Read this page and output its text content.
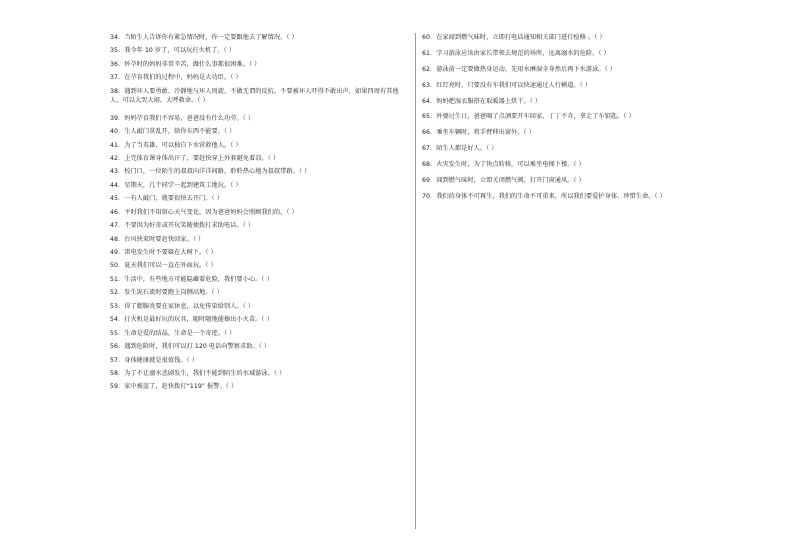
34．当陌生人告诉你有紧急情况时，你一定要跟他去了解情况。（ ）
35．我今年 10 岁了，可以玩打火机了。（ ）
36．怀孕时的妈妈非常辛苦，做什么事都很困难。（ ）
37．在孕育我们的过程中，妈妈是大功臣。（ ）
38．遇到坏人要勇敢、冷静地与坏人周旋，不做无谓的反抗。不要被坏人吓得不敢出声，如果四周有其他人，可以大哭大闹，大呼救命。（ ）
39．妈妈孕育我们不容易，爸爸没有什么功劳。（ ）
40．生人敲门莫乱开，给你东西不能要。（ ）
41．为了当英雄，可以独自下水营救他人。（ ）
42．上完体育课身体出汗了，要赶快穿上外套避免着凉。（ ）
43．校门口，一位陌生的叔叔向洋洋问路，聆聆热心地为叔叔带路。（ ）
44．星期天，几个同学一起到建筑工地玩。（ ）
45．一有人敲门，就要很快去开门。（ ）
46．平时我们不用留心天气变化，因为爸爸妈妈会照顾我们的。（ ）
47．不要因为好奇或开玩笑随便拨打求助电话。（ ）
48．台风快来时要赶快回家。（ ）
49．雷电发生时不要躲在大树下。（ ）
50．夏天我们可以一直在外面玩。（ ）
51．生活中，有些地方可能隐藏着危险，我们要小心。（ ）
52．发生泥石流时要跑上岗侧高地。（ ）
53．得了腮腺炎要在家休息，以免传染给别人。（ ）
54．打火机是最好玩的玩具，随时随地能擦出小火苗。（ ）
55．生命是爱的结晶，生命是一个奇迹。（ ）
56．遇到危险时，我们可以打 120 电话向警察求助。（ ）
57．身体健康就是很值钱。（ ）
58．为了不让溺水悲剧发生，我们不能到陌生的水域游泳。（ ）
59．家中被盗了，赶快拨打“119” 报警。（ ）
60．在家闻到燃气味时，立即打电话通知相关部门进行检修 。（ ）
61．学习游泳应该由家长带领去规范的场所，远离溺水的危险。（ ）
62．游泳前一定要做热身运动，先用水淋湿全身然后再下水游泳。（ ）
63．红灯亮时，只要没有车我们可以快速通过人行横道。（ ）
64．妈妈把湿衣服搭在取暖器上烘干。（ ）
65．外婆过生日，爸爸喝了点酒要开车回家，丁丁不肯，拿走了车钥匙。（ ）
66．乘坐车辆时，将手臂伸出窗外。（ ）
67．陌生人都是好人。（ ）
68．火灾发生时，为了快点转移，可以乘坐电梯下楼。（ ）
69．闻到燃气味时，立即关闭燃气阀，打开门窗通风。（ ）
70．我们的身体不可再生，我们的生命不可重来，所以我们要爱护身体、珍惜生命。（ ）
